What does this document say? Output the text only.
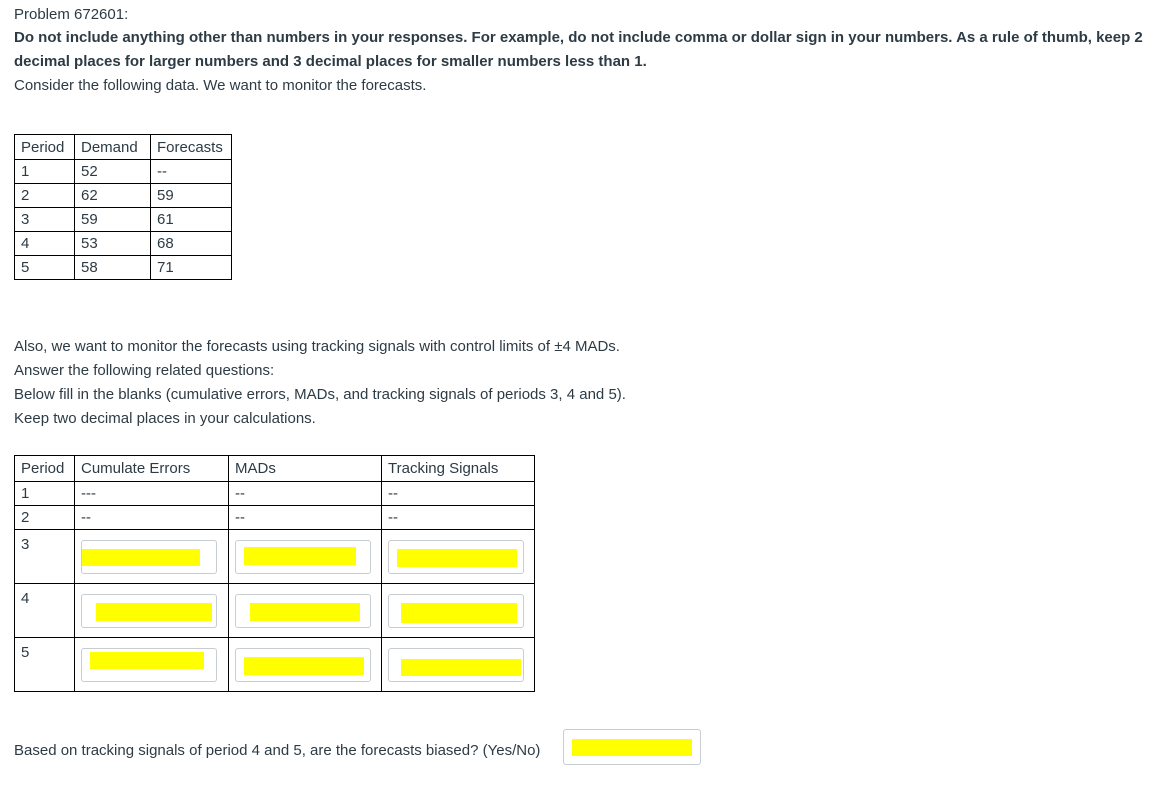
Problem 672601:

Do not include anything other than numbers in your responses. For example, do not include comma or dollar sign in your numbers. As a rule of thumb, keep 2

decimal places for larger numbers and 3 decimal places for smaller numbers less than 1.

Consider the following data. We want to monitor the forecasts.

Period	Demand	Forecasts
1	52	--
2	62	59
3	59	61
4	53	68
5	58	71

Also, we want to monitor the forecasts using tracking signals with control limits of ±4 MADs.

Answer the following related questions:

Below fill in the blanks (cumulative errors, MADs, and tracking signals of periods 3, 4 and 5).

Keep two decimal places in your calculations.

Period	Cumulate Errors	MADs	Tracking Signals
1	---	--	--
2	--	--	--
3	

4	

5	

Based on tracking signals of period 4 and 5, are the forecasts biased? (Yes/No)
